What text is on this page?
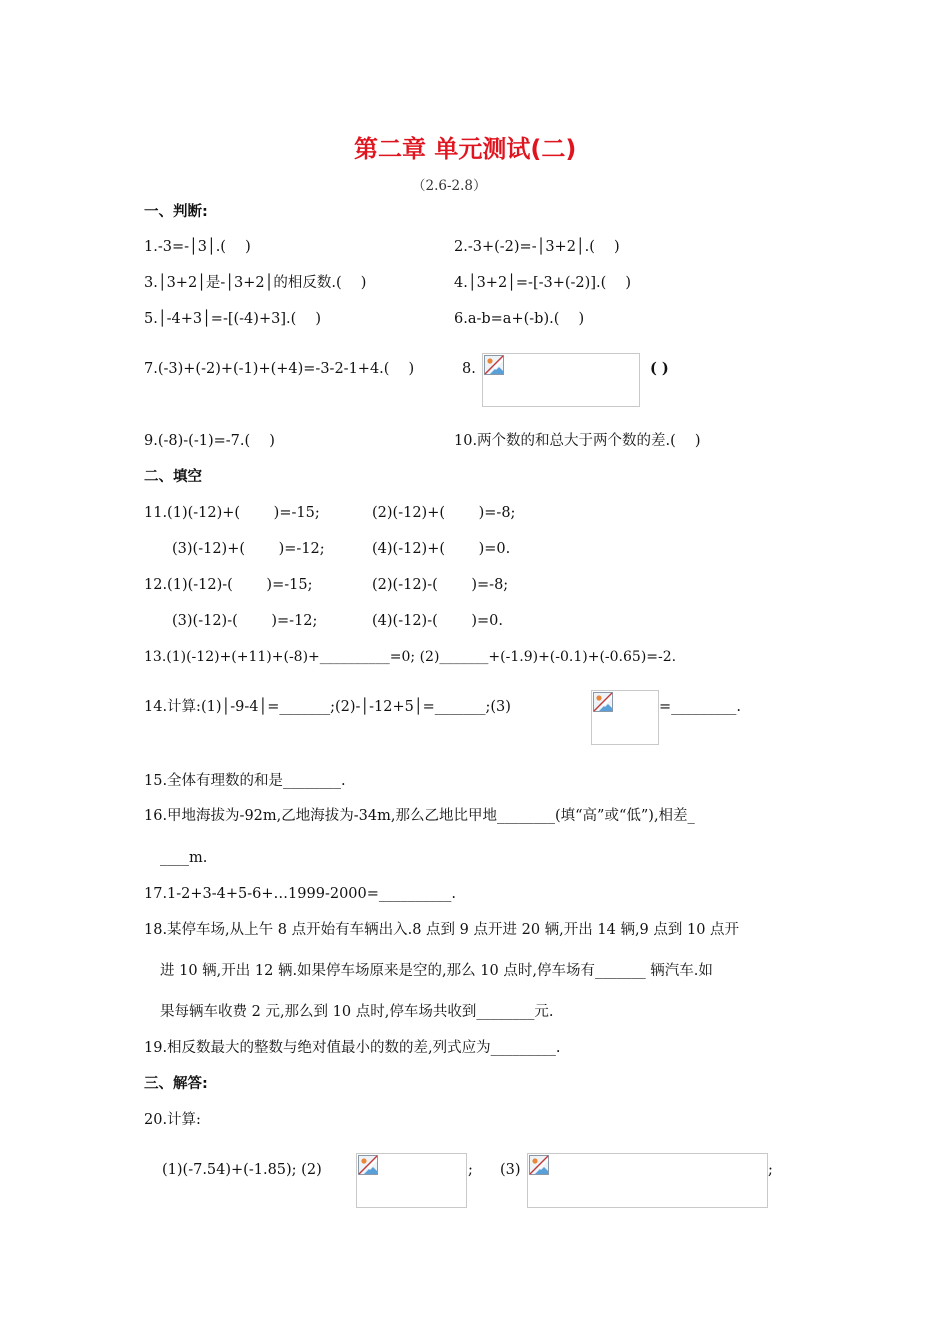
第二章 单元测试(二)
（2.6-2.8）
一、判断:
1.-3=-│3│.(　 )	2.-3+(-2)=-│3+2│.(　 )
3.│3+2│是-│3+2│的相反数.(　 )	4.│3+2│=-[-3+(-2)].(　 )
5.│-4+3│=-[(-4)+3].(　 )	6.a-b=a+(-b).(　 )
7.(-3)+(-2)+(-1)+(+4)=-3-2-1+4.(　 )	8.	( )
9.(-8)-(-1)=-7.(　 )	10.两个数的和总大于两个数的差.(　 )
二、填空
11.(1)(-12)+(　　 )=-15;	(2)(-12)+(　　 )=-8;
(3)(-12)+(　　 )=-12;	(4)(-12)+(　　 )=0.
12.(1)(-12)-(　　 )=-15;	(2)(-12)-(　　 )=-8;
(3)(-12)-(　　 )=-12;	(4)(-12)-(　　 )=0.
13.(1)(-12)+(+11)+(-8)+__________=0; (2)_______+(-1.9)+(-0.1)+(-0.65)=-2.
14.计算:(1)│-9-4│=_______;(2)-│-12+5│=_______;(3)	=_________.
15.全体有理数的和是________.
16.甲地海拔为-92m,乙地海拔为-34m,那么乙地比甲地________(填“高”或“低”),相差_
____m.
17.1-2+3-4+5-6+…1999-2000=__________.
18.某停车场,从上午 8 点开始有车辆出入.8 点到 9 点开进 20 辆,开出 14 辆,9 点到 10 点开
进 10 辆,开出 12 辆.如果停车场原来是空的,那么 10 点时,停车场有_______ 辆汽车.如
果每辆车收费 2 元,那么到 10 点时,停车场共收到________元.
19.相反数最大的整数与绝对值最小的数的差,列式应为_________.
三、解答:
20.计算:
(1)(-7.54)+(-1.85); (2)	; (3)	;
